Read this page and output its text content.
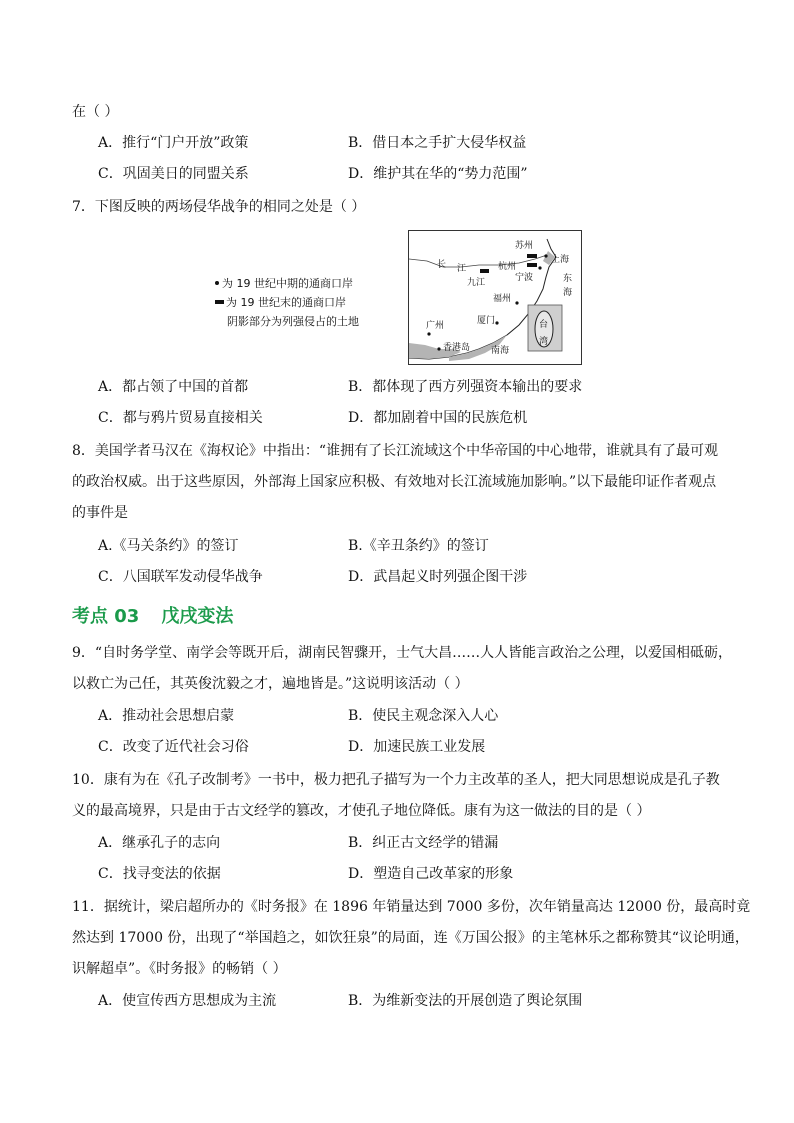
在（ ）
A．推行“门户开放”政策	B．借日本之手扩大侵华权益
C．巩固美日的同盟关系	D．维护其在华的“势力范围”
7．下图反映的两场侵华战争的相同之处是（ ）
为 19 世纪中期的通商口岸
为 19 世纪末的通商口岸
阴影部分为列强侵占的土地
苏州
上海
长 江	杭州
九江	宁波	东
海
福州
广州	厦门	台
湾
香港岛 南海
A．都占领了中国的首都	B．都体现了西方列强资本输出的要求
C．都与鸦片贸易直接相关	D．都加剧着中国的民族危机
8．美国学者马汉在《海权论》中指出：“谁拥有了长江流域这个中华帝国的中心地带，谁就具有了最可观
的政治权威。出于这些原因，外部海上国家应积极、有效地对长江流域施加影响。”以下最能印证作者观点
的事件是
A.《马关条约》的签订	B.《辛丑条约》的签订
C．八国联军发动侵华战争	D．武昌起义时列强企图干涉
考点 03 戊戌变法
9．“自时务学堂、南学会等既开后，湖南民智骤开，士气大昌……人人皆能言政治之公理，以爱国相砥砺，
以救亡为己任，其英俊沈毅之才，遍地皆是。”这说明该活动（ ）
A．推动社会思想启蒙	B．使民主观念深入人心
C．改变了近代社会习俗	D．加速民族工业发展
10．康有为在《孔子改制考》一书中，极力把孔子描写为一个力主改革的圣人，把大同思想说成是孔子教
义的最高境界，只是由于古文经学的篡改，才使孔子地位降低。康有为这一做法的目的是（ ）
A．继承孔子的志向	B．纠正古文经学的错漏
C．找寻变法的依据	D．塑造自己改革家的形象
11．据统计，梁启超所办的《时务报》在 1896 年销量达到 7000 多份，次年销量高达 12000 份，最高时竟
然达到 17000 份，出现了“举国趋之，如饮狂泉”的局面，连《万国公报》的主笔林乐之都称赞其“议论明通，
识解超卓”。《时务报》的畅销（ ）
A．使宣传西方思想成为主流	B．为维新变法的开展创造了舆论氛围
